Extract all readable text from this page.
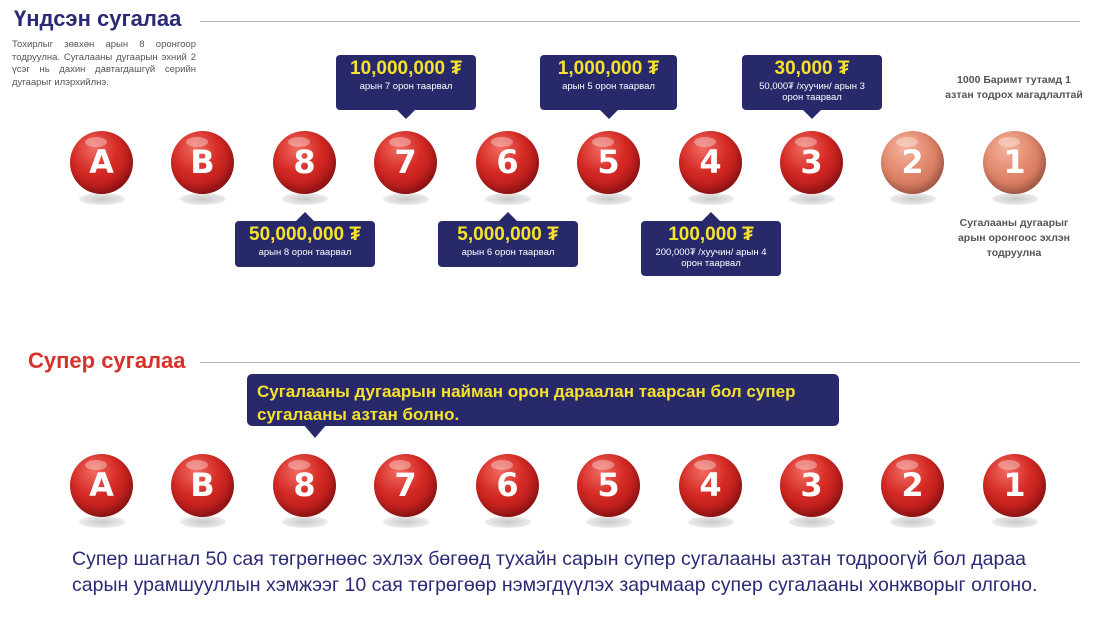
Үндсэн сугалаа
Тохирлыг зөвхөн арын 8 оронгоор тодруулна. Сугалааны дугаарын эхний 2 үсэг нь дахин давтагдашгүй серийн дугаарыг илэрхийлнэ.
10,000,000 ₮
арын 7 орон таарвал
1,000,000 ₮
арын 5 орон таарвал
30,000 ₮
50,000₮ /хуучин/ арын 3 орон таарвал
1000 Баримт тутамд 1 азтан тодрох магадлалтай
A	B	8	7	6	5	4	3	2	1
50,000,000 ₮
арын 8 орон таарвал
5,000,000 ₮
арын 6 орон таарвал
100,000 ₮
200,000₮ /хуучин/ арын 4 орон таарвал
Сугалааны дугаарыг арын оронгоос эхлэн тодруулна
Супер сугалаа
Сугалааны дугаарын найман орон дараалан таарсан бол супер сугалааны азтан болно.
A	B	8	7	6	5	4	3	2	1
Супер шагнал 50 сая төгрөгнөөс эхлэх бөгөөд тухайн сарын супер сугалааны азтан тодроогүй бол дараа сарын урамшууллын хэмжээг 10 сая төгрөгөөр нэмэгдүүлэх зарчмаар супер сугалааны хонжворыг олгоно.
